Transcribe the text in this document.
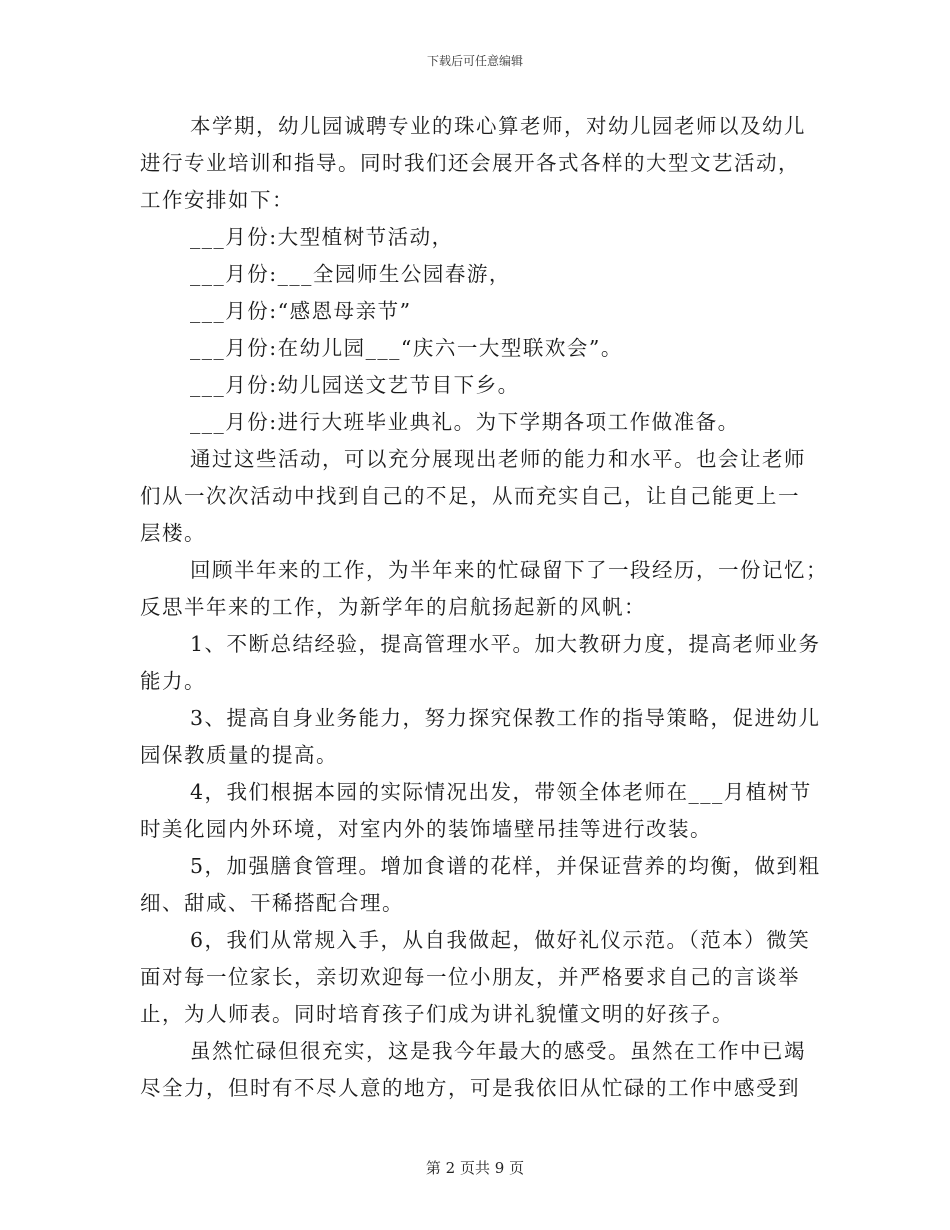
下载后可任意编辑
本学期，幼儿园诚聘专业的珠心算老师，对幼儿园老师以及幼儿
进行专业培训和指导。同时我们还会展开各式各样的大型文艺活动，
工作安排如下：
___月份:大型植树节活动，
___月份:___全园师生公园春游，
___月份:“感恩母亲节”
___月份:在幼儿园___“庆六一大型联欢会”。
___月份:幼儿园送文艺节目下乡。
___月份:进行大班毕业典礼。为下学期各项工作做准备。
通过这些活动，可以充分展现出老师的能力和水平。也会让老师
们从一次次活动中找到自己的不足，从而充实自己，让自己能更上一
层楼。
回顾半年来的工作，为半年来的忙碌留下了一段经历，一份记忆；
反思半年来的工作，为新学年的启航扬起新的风帆：
1、不断总结经验，提高管理水平。加大教研力度，提高老师业务
能力。
3、提高自身业务能力，努力探究保教工作的指导策略，促进幼儿
园保教质量的提高。
4，我们根据本园的实际情况出发，带领全体老师在___月植树节
时美化园内外环境，对室内外的装饰墙壁吊挂等进行改装。
5，加强膳食管理。增加食谱的花样，并保证营养的均衡，做到粗
细、甜咸、干稀搭配合理。
6，我们从常规入手，从自我做起，做好礼仪示范。（范本）微笑
面对每一位家长，亲切欢迎每一位小朋友，并严格要求自己的言谈举
止，为人师表。同时培育孩子们成为讲礼貌懂文明的好孩子。
虽然忙碌但很充实，这是我今年最大的感受。虽然在工作中已竭
尽全力，但时有不尽人意的地方，可是我依旧从忙碌的工作中感受到
第 2 页共 9 页
